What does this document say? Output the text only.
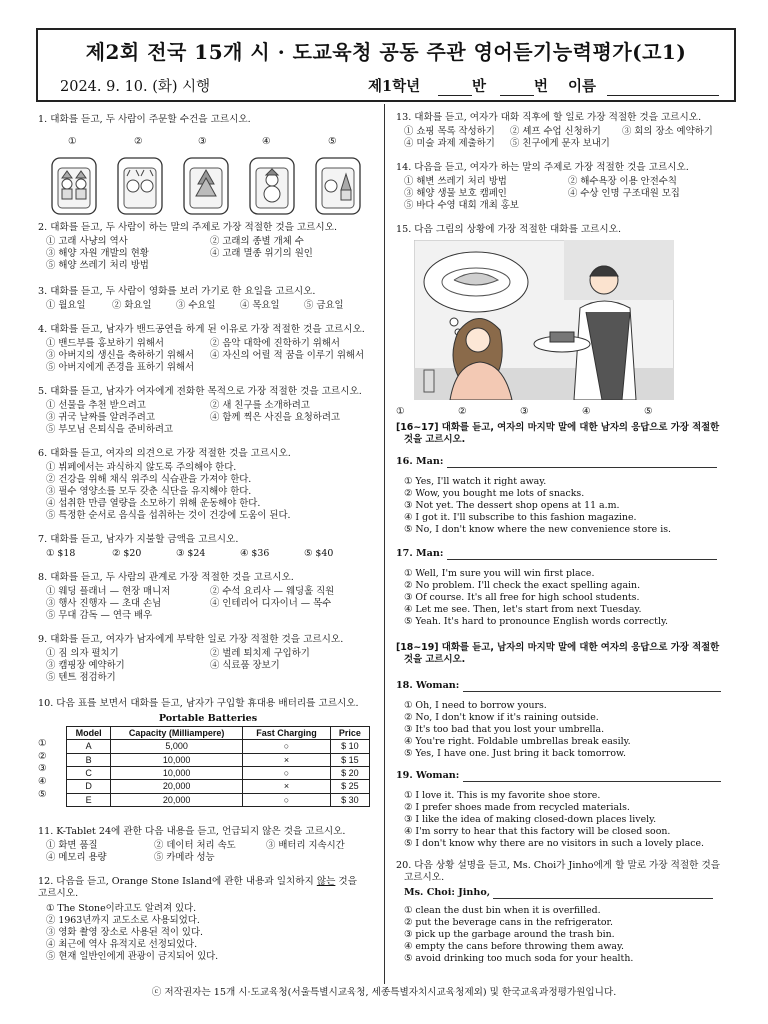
제2회 전국 15개 시 · 도교육청 공동 주관 영어듣기능력평가(고1)
2024. 9. 10. (화) 시행	제1학년	반	번 이름
1. 대화를 듣고, 두 사람이 주문할 수건을 고르시오.
①	②	③	④	⑤
2. 대화를 듣고, 두 사람이 하는 말의 주제로 가장 적절한 것을 고르시오.
① 고래 사냥의 역사	② 고래의 종별 개체 수
③ 해양 자원 개발의 현황	④ 고래 멸종 위기의 원인
⑤ 해양 쓰레기 처리 방법
3. 대화를 듣고, 두 사람이 영화를 보러 가기로 한 요일을 고르시오.
① 월요일	② 화요일	③ 수요일	④ 목요일	⑤ 금요일
4. 대화를 듣고, 남자가 밴드공연을 하게 된 이유로 가장 적절한 것을 고르시오.
① 밴드부를 홍보하기 위해서	② 음악 대학에 진학하기 위해서
③ 아버지의 생신을 축하하기 위해서 ④ 자신의 어릴 적 꿈을 이루기 위해서
⑤ 아버지에게 존경을 표하기 위해서
5. 대화를 듣고, 남자가 여자에게 전화한 목적으로 가장 적절한 것을 고르시오.
① 선물을 추천 받으려고	② 새 친구를 소개하려고
③ 귀국 날짜를 알려주려고	④ 함께 찍은 사진을 요청하려고
⑤ 부모님 은퇴식을 준비하려고
6. 대화를 듣고, 여자의 의견으로 가장 적절한 것을 고르시오.
① 뷔페에서는 과식하지 않도록 주의해야 한다.
② 건강을 위해 채식 위주의 식습관을 가져야 한다.
③ 필수 영양소를 모두 갖춘 식단을 유지해야 한다.
④ 섭취한 만큼 열량을 소모하기 위해 운동해야 한다.
⑤ 특정한 순서로 음식을 섭취하는 것이 건강에 도움이 된다.
7. 대화를 듣고, 남자가 지불할 금액을 고르시오.
① $18	② $20	③ $24	④ $36	⑤ $40
8. 대화를 듣고, 두 사람의 관계로 가장 적절한 것을 고르시오.
① 웨딩 플래너 — 현장 매니저	② 수석 요리사 — 웨딩홀 직원
③ 행사 진행자 — 초대 손님	④ 인테리어 디자이너 — 목수
⑤ 무대 감독 — 연극 배우
9. 대화를 듣고, 여자가 남자에게 부탁한 일로 가장 적절한 것을 고르시오.
① 짐 의자 펼치기	② 벌레 퇴치제 구입하기
③ 캠핑장 예약하기	④ 식료품 장보기
⑤ 텐트 점검하기
10. 다음 표를 보면서 대화를 듣고, 남자가 구입할 휴대용 배터리를 고르시오.
Portable Batteries
①
②
③
④
⑤
Model	Capacity (Milliampere)	Fast Charging	Price
A	5,000	○	$ 10
B	10,000	×	$ 15
C	10,000	○	$ 20
D	20,000	×	$ 25
E	20,000	○	$ 30
11. K-Tablet 24에 관한 다음 내용을 듣고, 언급되지 않은 것을 고르시오.
① 화면 품질	② 데이터 처리 속도	③ 배터리 지속시간
④ 메모리 용량	⑤ 카메라 성능
12. 다음을 듣고, Orange Stone Island에 관한 내용과 일치하지 않는 것을
고르시오.
① The Stone이라고도 알려져 있다.
② 1963년까지 교도소로 사용되었다.
③ 영화 촬영 장소로 사용된 적이 있다.
④ 최근에 역사 유적지로 선정되었다.
⑤ 현재 일반인에게 관광이 금지되어 있다.
13. 대화를 듣고, 여자가 대화 직후에 할 일로 가장 적절한 것을 고르시오.
① 쇼핑 목록 작성하기 ② 셰프 수업 신청하기 ③ 회의 장소 예약하기
④ 미술 과제 제출하기 ⑤ 친구에게 문자 보내기
14. 다음을 듣고, 여자가 하는 말의 주제로 가장 적절한 것을 고르시오.
① 해변 쓰레기 처리 방법	② 해수욕장 이용 안전수칙
③ 해양 생물 보호 캠페인	④ 수상 인명 구조대원 모집
⑤ 바다 수영 대회 개최 홍보
15. 다음 그림의 상황에 가장 적절한 대화를 고르시오.
①	②	③	④	⑤
[16~17] 대화를 듣고, 여자의 마지막 말에 대한 남자의 응답으로 가장 적절한
것을 고르시오.
16. Man:
① Yes, I'll watch it right away.
② Wow, you bought me lots of snacks.
③ Not yet. The dessert shop opens at 11 a.m.
④ I got it. I'll subscribe to this fashion magazine.
⑤ No, I don't know where the new convenience store is.
17. Man:
① Well, I'm sure you will win first place.
② No problem. I'll check the exact spelling again.
③ Of course. It's all free for high school students.
④ Let me see. Then, let's start from next Tuesday.
⑤ Yeah. It's hard to pronounce English words correctly.
[18~19] 대화를 듣고, 남자의 마지막 말에 대한 여자의 응답으로 가장 적절한
것을 고르시오.
18. Woman:
① Oh, I need to borrow yours.
② No, I don't know if it's raining outside.
③ It's too bad that you lost your umbrella.
④ You're right. Foldable umbrellas break easily.
⑤ Yes, I have one. Just bring it back tomorrow.
19. Woman:
① I love it. This is my favorite shoe store.
② I prefer shoes made from recycled materials.
③ I like the idea of making closed-down places lively.
④ I'm sorry to hear that this factory will be closed soon.
⑤ I don't know why there are no visitors in such a lovely place.
20. 다음 상황 설명을 듣고, Ms. Choi가 Jinho에게 할 말로 가장 적절한 것을
고르시오.
Ms. Choi: Jinho,
① clean the dust bin when it is overfilled.
② put the beverage cans in the refrigerator.
③ pick up the garbage around the trash bin.
④ empty the cans before throwing them away.
⑤ avoid drinking too much soda for your health.
ⓒ 저작권자는 15개 시·도교육청(서울특별시교육청, 세종특별자치시교육청제외) 및 한국교육과정평가원입니다.
